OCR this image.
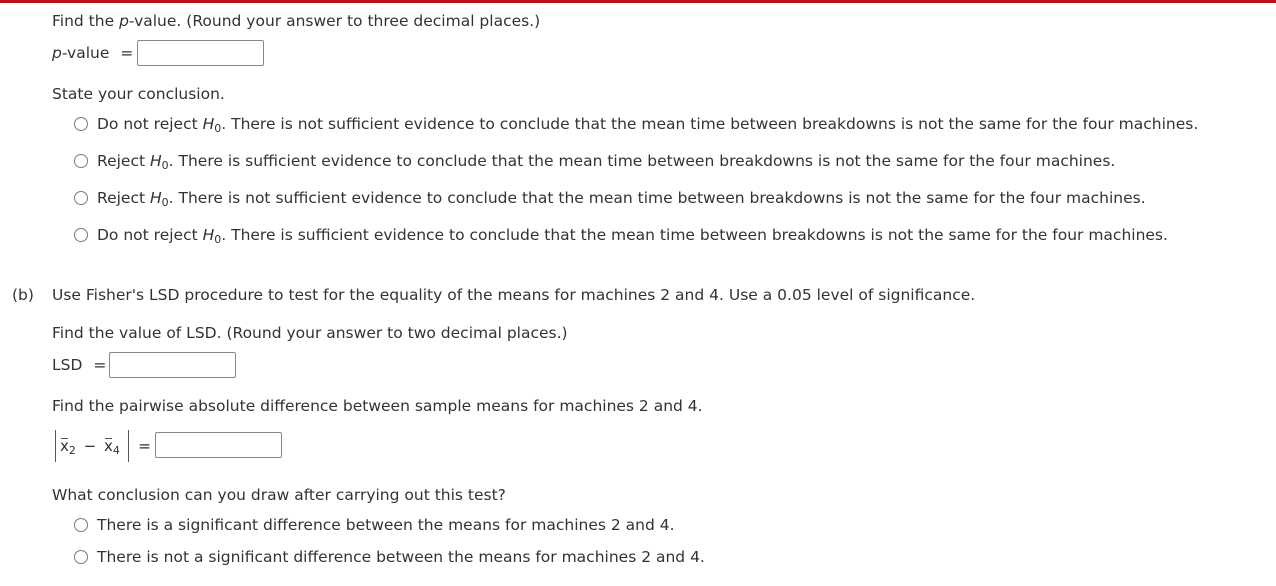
Find the p-value. (Round your answer to three decimal places.)
p-value =
State your conclusion.
Do not reject $H_0$. There is not sufficient evidence to conclude that the mean time between breakdowns is not the same for the four machines.
Reject $H_0$. There is sufficient evidence to conclude that the mean time between breakdowns is not the same for the four machines.
Reject $H_0$. There is not sufficient evidence to conclude that the mean time between breakdowns is not the same for the four machines.
Do not reject $H_0$. There is sufficient evidence to conclude that the mean time between breakdowns is not the same for the four machines.
(b) Use Fisher's LSD procedure to test for the equality of the means for machines 2 and 4. Use a 0.05 level of significance.
Find the value of LSD. (Round your answer to two decimal places.)
LSD =
Find the pairwise absolute difference between sample means for machines 2 and 4.
$x_2 - x_4$ =
What conclusion can you draw after carrying out this test?
There is a significant difference between the means for machines 2 and 4.
There is not a significant difference between the means for machines 2 and 4.
